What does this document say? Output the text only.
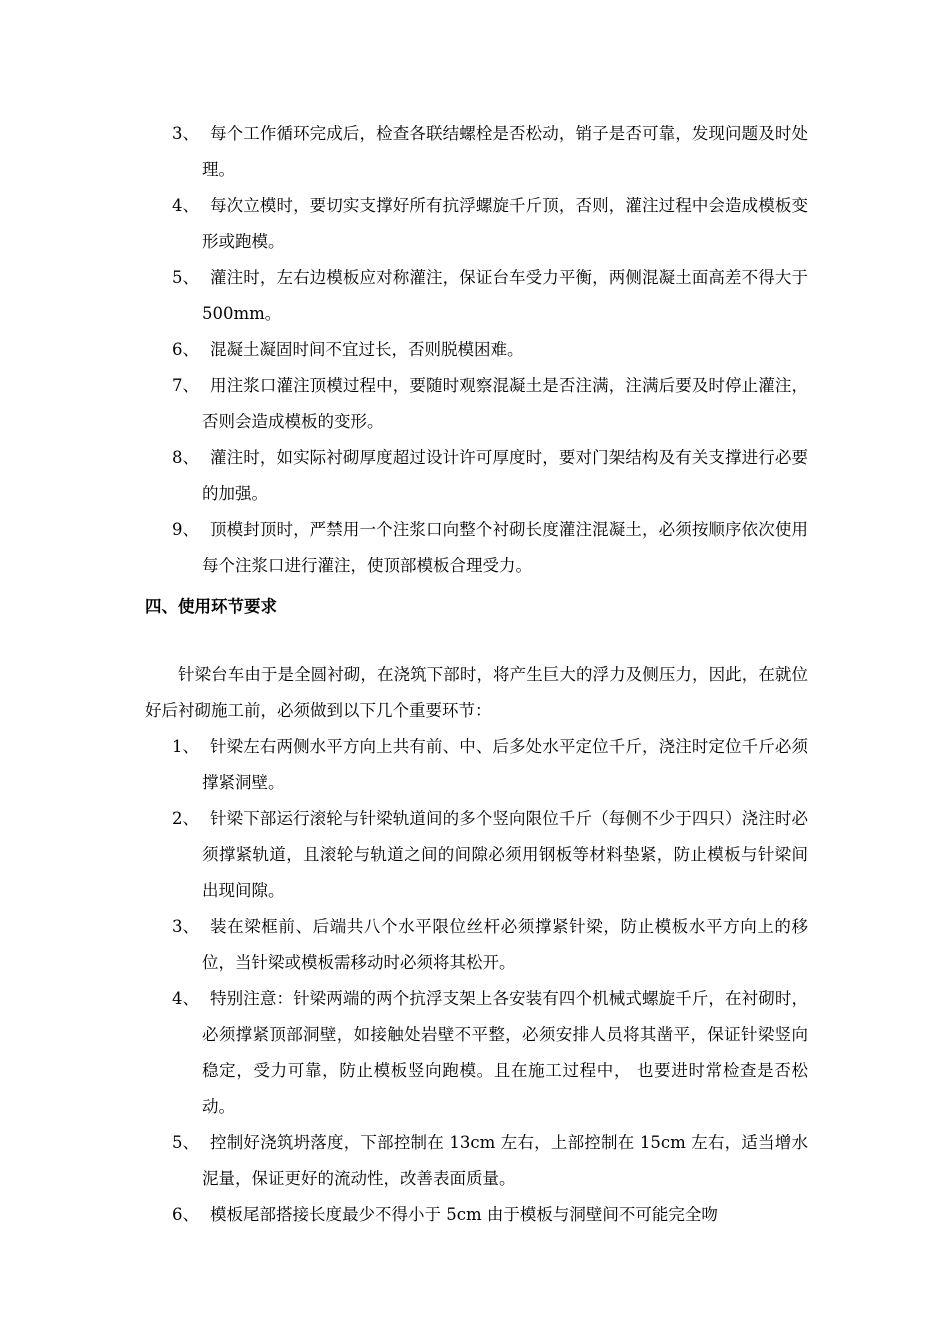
3、 每个工作循环完成后，检查各联结螺栓是否松动，销子是否可靠，发现问题及时处理。
4、 每次立模时，要切实支撑好所有抗浮螺旋千斤顶，否则，灌注过程中会造成模板变形或跑模。
5、 灌注时，左右边模板应对称灌注，保证台车受力平衡，两侧混凝土面高差不得大于 500mm。
6、 混凝土凝固时间不宜过长，否则脱模困难。
7、 用注浆口灌注顶模过程中，要随时观察混凝土是否注满，注满后要及时停止灌注，否则会造成模板的变形。
8、 灌注时，如实际衬砌厚度超过设计许可厚度时，要对门架结构及有关支撑进行必要的加强。
9、 顶模封顶时，严禁用一个注浆口向整个衬砌长度灌注混凝土，必须按顺序依次使用每个注浆口进行灌注，使顶部模板合理受力。
四、使用环节要求

针梁台车由于是全圆衬砌，在浇筑下部时，将产生巨大的浮力及侧压力，因此，在就位好后衬砌施工前，必须做到以下几个重要环节：

1、 针梁左右两侧水平方向上共有前、中、后多处水平定位千斤，浇注时定位千斤必须撑紧洞壁。
2、 针梁下部运行滚轮与针梁轨道间的多个竖向限位千斤（每侧不少于四只）浇注时必须撑紧轨道，且滚轮与轨道之间的间隙必须用钢板等材料垫紧，防止模板与针梁间出现间隙。
3、 装在梁框前、后端共八个水平限位丝杆必须撑紧针梁，防止模板水平方向上的移位，当针梁或模板需移动时必须将其松开。
4、 特别注意：针梁两端的两个抗浮支架上各安装有四个机械式螺旋千斤，在衬砌时，必须撑紧顶部洞壁，如接触处岩壁不平整，必须安排人员将其凿平，保证针梁竖向稳定，受力可靠，防止模板竖向跑模。且在施工过程中， 也要进时常检查是否松动。
5、 控制好浇筑坍落度，下部控制在 13cm 左右，上部控制在 15cm 左右，适当增水泥量，保证更好的流动性，改善表面质量。
6、 模板尾部搭接长度最少不得小于 5cm 由于模板与洞壁间不可能完全吻
